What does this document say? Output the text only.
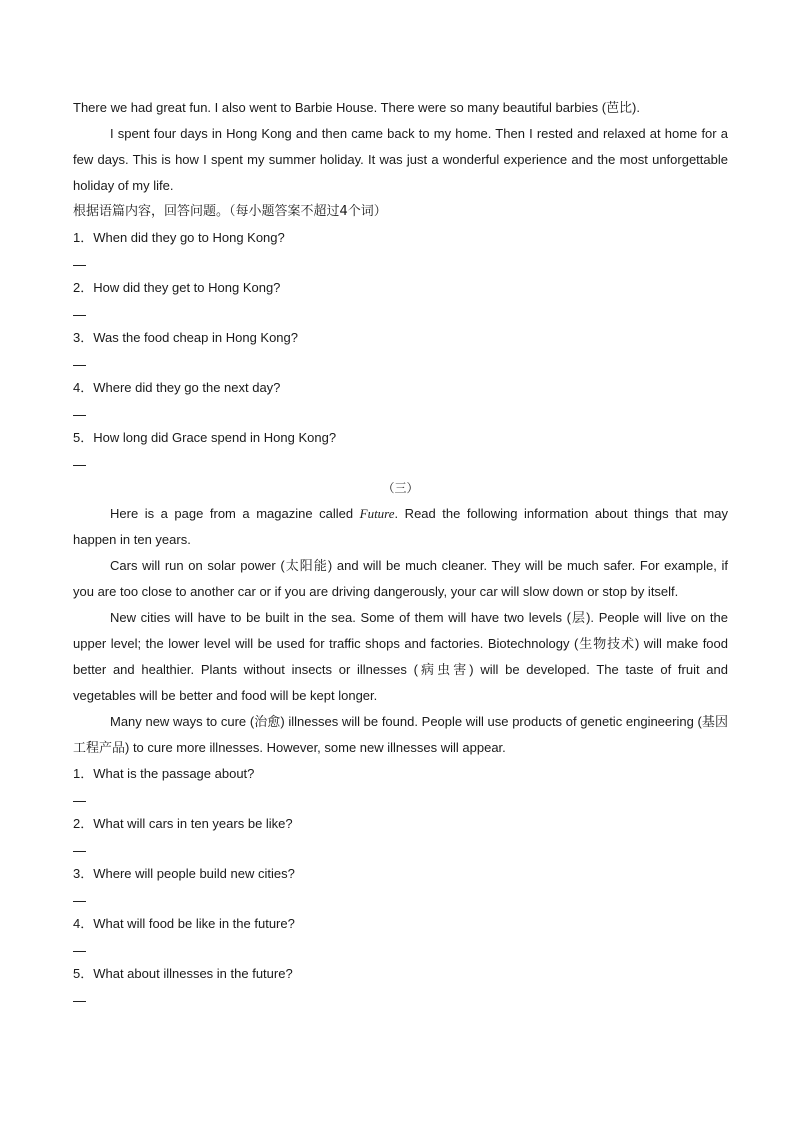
There we had great fun. I also went to Barbie House. There were so many beautiful barbies (芭比).

I spent four days in Hong Kong and then came back to my home. Then I rested and relaxed at home for a few days. This is how I spent my summer holiday. It was just a wonderful experience and the most unforgettable holiday of my life.

根据语篇内容，回答问题。（每小题答案不超过4个词）

1．When did they go to Hong Kong?

2．How did they get to Hong Kong?

3．Was the food cheap in Hong Kong?

4．Where did they go the next day?

5．How long did Grace spend in Hong Kong?

（三）

Here is a page from a magazine called Future. Read the following information about things that may happen in ten years.

Cars will run on solar power (太阳能) and will be much cleaner. They will be much safer. For example, if you are too close to another car or if you are driving dangerously, your car will slow down or stop by itself.

New cities will have to be built in the sea. Some of them will have two levels (层). People will live on the upper level; the lower level will be used for traffic shops and factories. Biotechnology (生物技术) will make food better and healthier. Plants without insects or illnesses (病虫害) will be developed. The taste of fruit and vegetables will be better and food will be kept longer.

Many new ways to cure (治愈) illnesses will be found. People will use products of genetic engineering (基因工程产品) to cure more illnesses. However, some new illnesses will appear.

1．What is the passage about?

2．What will cars in ten years be like?

3．Where will people build new cities?

4．What will food be like in the future?

5．What about illnesses in the future?
